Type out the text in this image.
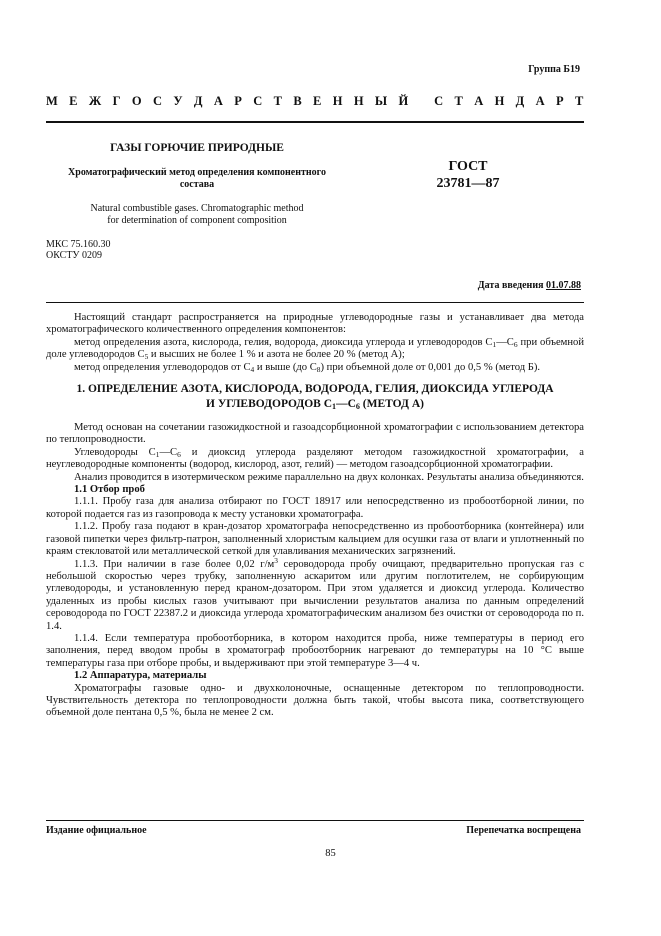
Группа Б19
М Е Ж Г О С У Д А Р С Т В Е Н Н Ы Й
С Т А Н Д А Р Т
ГАЗЫ ГОРЮЧИЕ ПРИРОДНЫЕ
Хроматографический метод определения компонентного
состава
Natural combustible gases. Chromatographic method
for determination of component composition
ГОСТ
23781—87
МКС 75.160.30
ОКСТУ 0209
Дата введения 01.07.88

Настоящий стандарт распространяется на природные углеводородные газы и устанавливает два метода хроматографического количественного определения компонентов:

метод определения азота, кислорода, гелия, водорода, диоксида углерода и углеводородов $С_1—С_6$ при объемной доле углеводородов $С_5$ и высших не более 1 % и азота не более 20 % (метод А);

метод определения углеводородов от $С_4$ и выше (до $С_8$) при объемной доле от 0,001 до 0,5 % (метод Б).

1. ОПРЕДЕЛЕНИЕ АЗОТА, КИСЛОРОДА, ВОДОРОДА, ГЕЛИЯ, ДИОКСИДА УГЛЕРОДА
И УГЛЕВОДОРОДОВ $С_1—С_6$ (МЕТОД А)

Метод основан на сочетании газожидкостной и газоадсорбционной хроматографии с использованием детектора по теплопроводности.

Углеводороды $С_1—С_6$ и диоксид углерода разделяют методом газожидкостной хроматографии, а неуглеводородные компоненты (водород, кислород, азот, гелий) — методом газоадсорбционной хроматографии.

Анализ проводится в изотермическом режиме параллельно на двух колонках. Результаты анализа объединяются.

1.1 Отбор проб

1.1.1. Пробу газа для анализа отбирают по ГОСТ 18917 или непосредственно из пробоотборной линии, по которой подается газ из газопровода к месту установки хроматографа.

1.1.2. Пробу газа подают в кран-дозатор хроматографа непосредственно из пробоотборника (контейнера) или газовой пипетки через фильтр-патрон, заполненный хлористым кальцием для осушки газа от влаги и уплотненный по краям стекловатой или металлической сеткой для улавливания механических загрязнений.

1.1.3. При наличии в газе более 0,02 $г/м^3$ сероводорода пробу очищают, предварительно пропуская газ с небольшой скоростью через трубку, заполненную аскаритом или другим поглотителем, не сорбирующим углеводороды, и установленную перед краном-дозатором. При этом удаляется и диоксид углерода. Количество удаленных из пробы кислых газов учитывают при вычислении результатов анализа по данным определений сероводорода по ГОСТ 22387.2 и диоксида углерода хроматографическим анализом без очистки от сероводорода по п. 1.4.

1.1.4. Если температура пробоотборника, в котором находится проба, ниже температуры в период его заполнения, перед вводом пробы в хроматограф пробоотборник нагревают до температуры на 10 °С выше температуры газа при отборе пробы, и выдерживают при этой температуре 3—4 ч.

1.2 Аппаратура, материалы

Хроматографы газовые одно- и двухколоночные, оснащенные детектором по теплопроводности. Чувствительность детектора по теплопроводности должна быть такой, чтобы высота пика, соответствующего объемной доле пентана 0,5 %, была не менее 2 см.

Издание официальное	Перепечатка воспрещена
85
